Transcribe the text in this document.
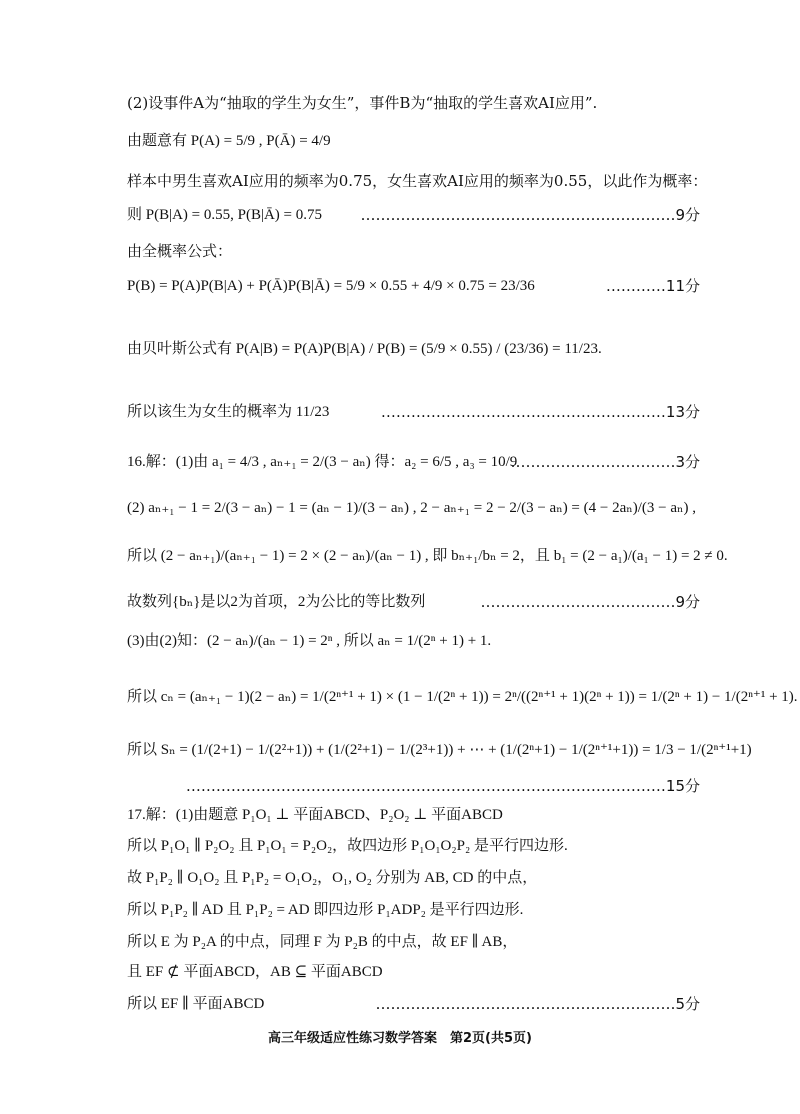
(2)设事件A为“抽取的学生为女生”，事件B为“抽取的学生喜欢AI应用”.
由题意有 P(A) = 5/9 , P(Ā) = 4/9
样本中男生喜欢AI应用的频率为0.75，女生喜欢AI应用的频率为0.55，以此作为概率：
则 P(B|A) = 0.55, P(B|Ā) = 0.75	………………………………………………………9分
由全概率公式：
P(B) = P(A)P(B|A) + P(Ā)P(B|Ā) = 5/9 × 0.55 + 4/9 × 0.75 = 23/36	…………11分
由贝叶斯公式有 P(A|B) = P(A)P(B|A) / P(B) = (5/9 × 0.55) / (23/36) = 11/23.
所以该生为女生的概率为 11/23	…………………………………………………13分
16.解：(1)由 a₁ = 4/3 , aₙ₊₁ = 2/(3 − aₙ) 得：a₂ = 6/5 , a₃ = 10/9
……………………………3分
(2) aₙ₊₁ − 1 = 2/(3 − aₙ) − 1 = (aₙ − 1)/(3 − aₙ) , 2 − aₙ₊₁ = 2 − 2/(3 − aₙ) = (4 − 2aₙ)/(3 − aₙ) ,
所以 (2 − aₙ₊₁)/(aₙ₊₁ − 1) = 2 × (2 − aₙ)/(aₙ − 1) , 即 bₙ₊₁/bₙ = 2，且 b₁ = (2 − a₁)/(a₁ − 1) = 2 ≠ 0.
故数列{bₙ}是以2为首项，2为公比的等比数列	…………………………………9分
(3)由(2)知：(2 − aₙ)/(aₙ − 1) = 2ⁿ , 所以 aₙ = 1/(2ⁿ + 1) + 1.
所以 cₙ = (aₙ₊₁ − 1)(2 − aₙ) = 1/(2ⁿ⁺¹ + 1) × (1 − 1/(2ⁿ + 1)) = 2ⁿ/((2ⁿ⁺¹ + 1)(2ⁿ + 1)) = 1/(2ⁿ + 1) − 1/(2ⁿ⁺¹ + 1).
所以 Sₙ = (1/(2+1) − 1/(2²+1)) + (1/(2²+1) − 1/(2³+1)) + ⋯ + (1/(2ⁿ+1) − 1/(2ⁿ⁺¹+1)) = 1/3 − 1/(2ⁿ⁺¹+1)
……………………………………………………………………………………15分
17.解：(1)由题意 P₁O₁ ⊥ 平面ABCD、P₂O₂ ⊥ 平面ABCD
所以 P₁O₁ ∥ P₂O₂ 且 P₁O₁ = P₂O₂，故四边形 P₁O₁O₂P₂ 是平行四边形.
故 P₁P₂ ∥ O₁O₂ 且 P₁P₂ = O₁O₂，O₁, O₂ 分别为 AB, CD 的中点，
所以 P₁P₂ ∥ AD 且 P₁P₂ = AD 即四边形 P₁ADP₂ 是平行四边形.
所以 E 为 P₂A 的中点，同理 F 为 P₂B 的中点，故 EF ∥ AB，
且 EF ⊄ 平面ABCD，AB ⊆ 平面ABCD
所以 EF ∥ 平面ABCD	……………………………………………………5分
高三年级适应性练习数学答案　第2页(共5页)
